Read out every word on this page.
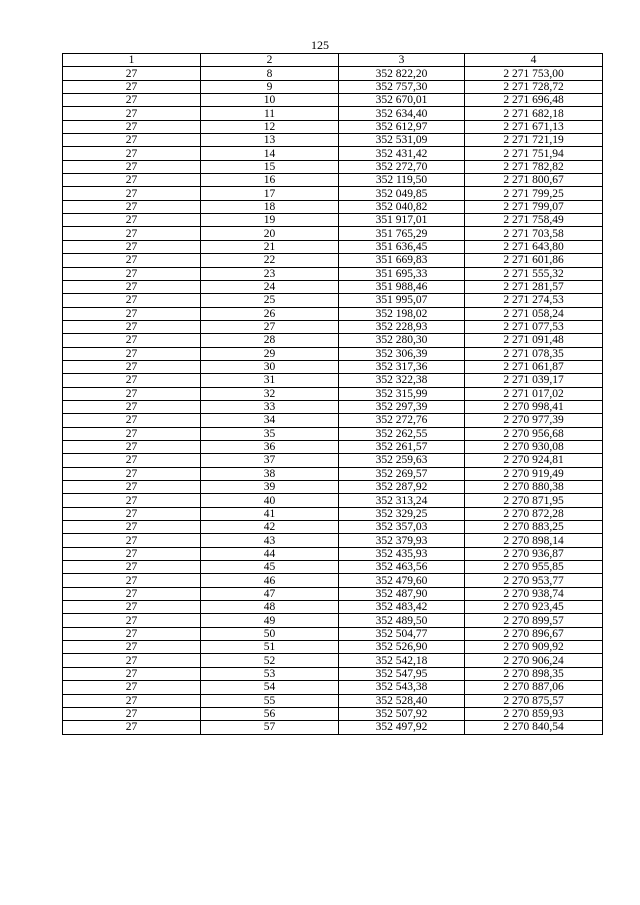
125
1	2	3	4
27	8	352 822,20	2 271 753,00
27	9	352 757,30	2 271 728,72
27	10	352 670,01	2 271 696,48
27	11	352 634,40	2 271 682,18
27	12	352 612,97	2 271 671,13
27	13	352 531,09	2 271 721,19
27	14	352 431,42	2 271 751,94
27	15	352 272,70	2 271 782,82
27	16	352 119,50	2 271 800,67
27	17	352 049,85	2 271 799,25
27	18	352 040,82	2 271 799,07
27	19	351 917,01	2 271 758,49
27	20	351 765,29	2 271 703,58
27	21	351 636,45	2 271 643,80
27	22	351 669,83	2 271 601,86
27	23	351 695,33	2 271 555,32
27	24	351 988,46	2 271 281,57
27	25	351 995,07	2 271 274,53
27	26	352 198,02	2 271 058,24
27	27	352 228,93	2 271 077,53
27	28	352 280,30	2 271 091,48
27	29	352 306,39	2 271 078,35
27	30	352 317,36	2 271 061,87
27	31	352 322,38	2 271 039,17
27	32	352 315,99	2 271 017,02
27	33	352 297,39	2 270 998,41
27	34	352 272,76	2 270 977,39
27	35	352 262,55	2 270 956,68
27	36	352 261,57	2 270 930,08
27	37	352 259,63	2 270 924,81
27	38	352 269,57	2 270 919,49
27	39	352 287,92	2 270 880,38
27	40	352 313,24	2 270 871,95
27	41	352 329,25	2 270 872,28
27	42	352 357,03	2 270 883,25
27	43	352 379,93	2 270 898,14
27	44	352 435,93	2 270 936,87
27	45	352 463,56	2 270 955,85
27	46	352 479,60	2 270 953,77
27	47	352 487,90	2 270 938,74
27	48	352 483,42	2 270 923,45
27	49	352 489,50	2 270 899,57
27	50	352 504,77	2 270 896,67
27	51	352 526,90	2 270 909,92
27	52	352 542,18	2 270 906,24
27	53	352 547,95	2 270 898,35
27	54	352 543,38	2 270 887,06
27	55	352 528,40	2 270 875,57
27	56	352 507,92	2 270 859,93
27	57	352 497,92	2 270 840,54
